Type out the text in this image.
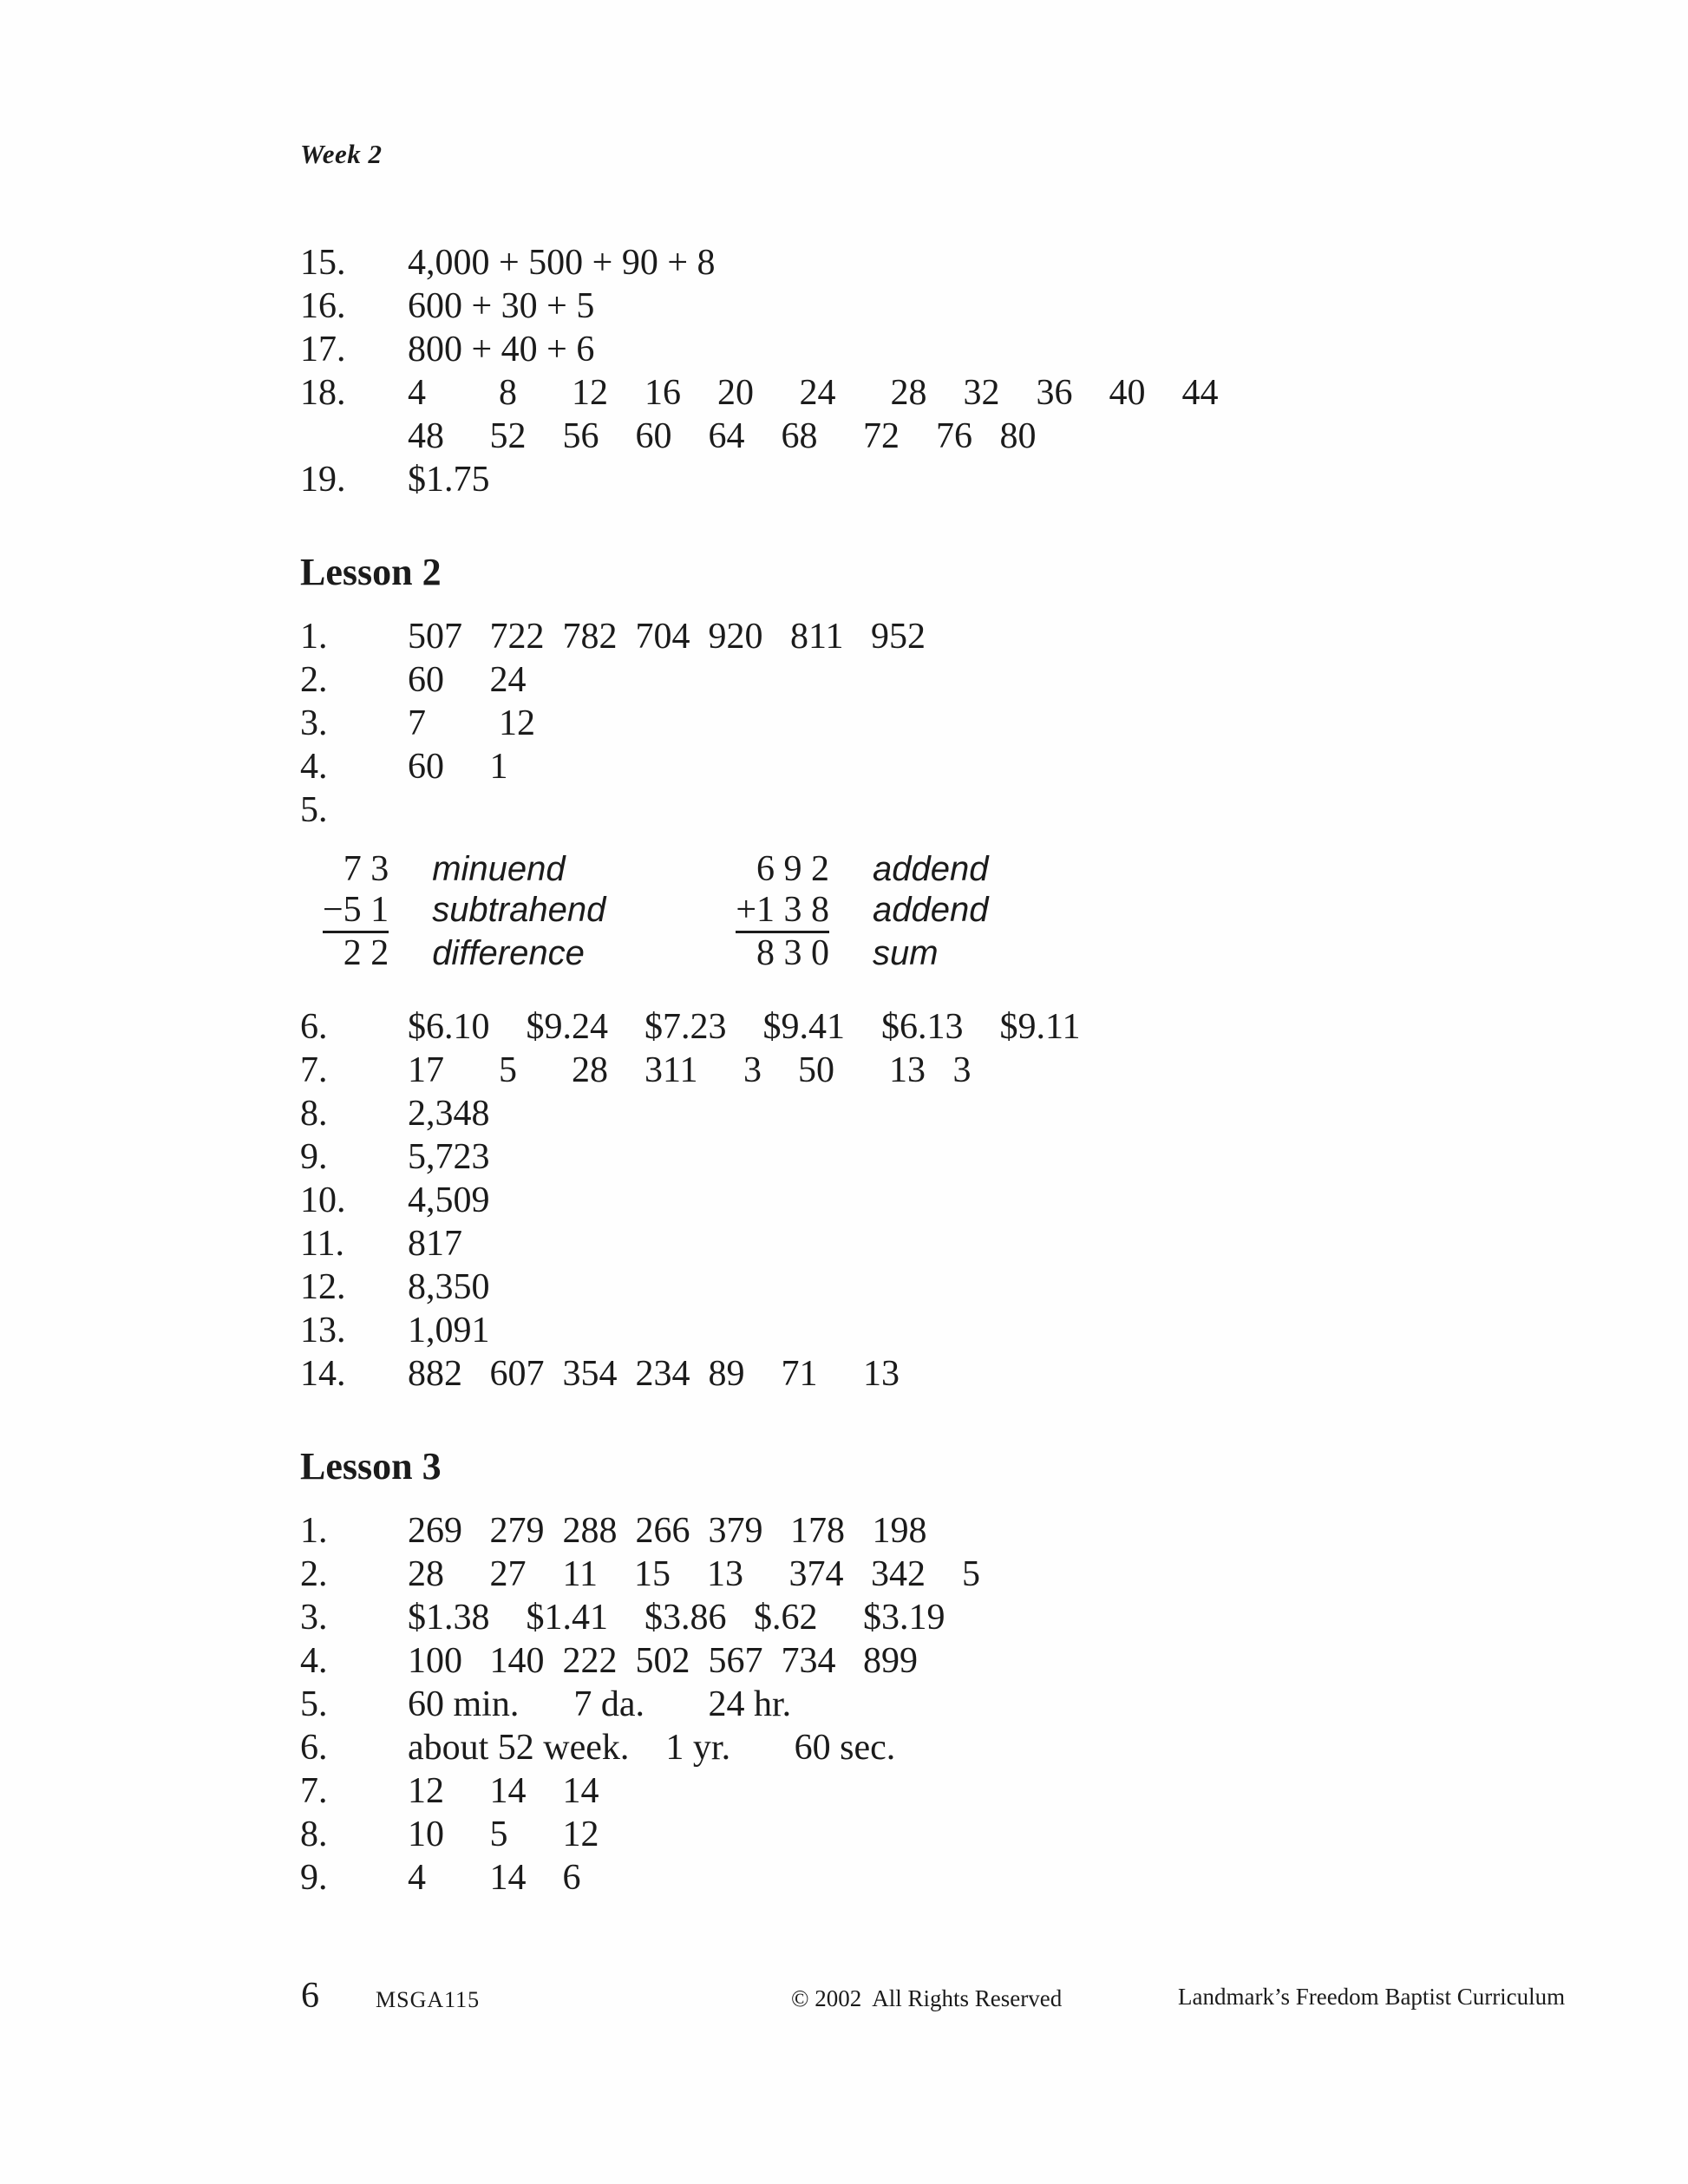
Week 2
15.	4,000 + 500 + 90 + 8
16.	600 + 30 + 5
17.	800 + 40 + 6
18.	4        8      12    16    20     24      28    32    36    40    44
48     52    56    60    64    68     72    76   80
19.	$1.75
Lesson 2
1.	507   722  782  704  920   811   952
2.	60     24
3.	7        12
4.	60     1
5.
7 3 minuend
−5 1 subtrahend
2 2 difference
6 9 2 addend
+1 3 8 addend
8 3 0 sum
6.	$6.10    $9.24    $7.23    $9.41    $6.13    $9.11
7.	17      5      28    311     3    50      13   3
8.	2,348
9.	5,723
10.	4,509
11.	817
12.	8,350
13.	1,091
14.	882   607  354  234  89    71     13
Lesson 3
1.	269   279  288  266  379   178   198
2.	28     27    11    15    13     374   342    5
3.	$1.38    $1.41    $3.86   $.62     $3.19
4.	100   140  222  502  567  734   899
5.	60 min.      7 da.       24 hr.
6.	about 52 week.    1 yr.       60 sec.
7.	12     14    14
8.	10     5      12
9.	4       14    6
6	MSGA115	© 2002  All Rights Reserved	Landmark’s Freedom Baptist Curriculum
